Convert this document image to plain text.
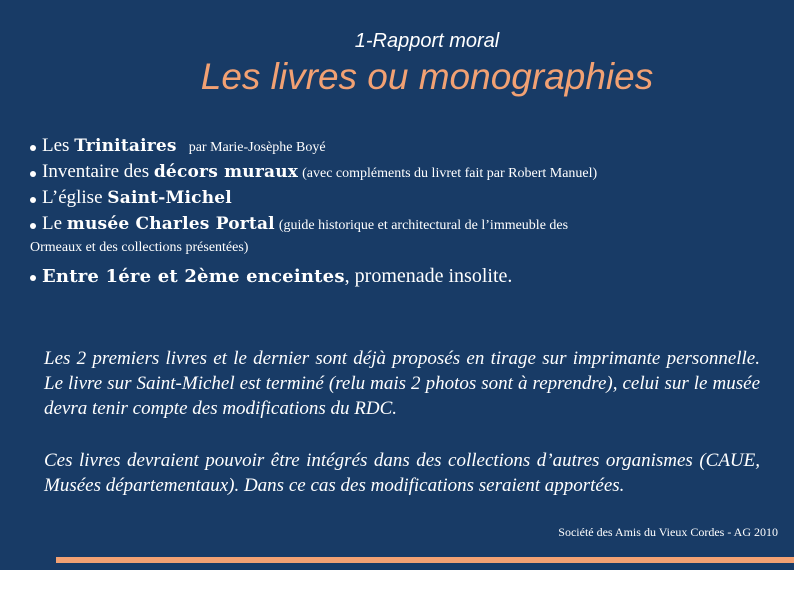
1-Rapport moral
Les livres ou monographies
Les Trinitaires par Marie-Josèphe Boyé
Inventaire des décors muraux (avec compléments du livret fait par Robert Manuel)
L’église Saint-Michel
Le musée Charles Portal (guide historique et architectural de l’immeuble des
Ormeaux et des collections présentées)
Entre 1ére et 2ème enceintes, promenade insolite.
Les 2 premiers livres et le dernier sont déjà proposés en tirage sur imprimante personnelle. Le livre sur Saint-Michel est terminé (relu mais 2 photos sont à reprendre), celui sur le musée devra tenir compte des modifications du RDC.
Ces livres devraient pouvoir être intégrés dans des collections d’autres organismes (CAUE, Musées départementaux). Dans ce cas des modifications seraient apportées.
Société des Amis du Vieux Cordes - AG 2010
